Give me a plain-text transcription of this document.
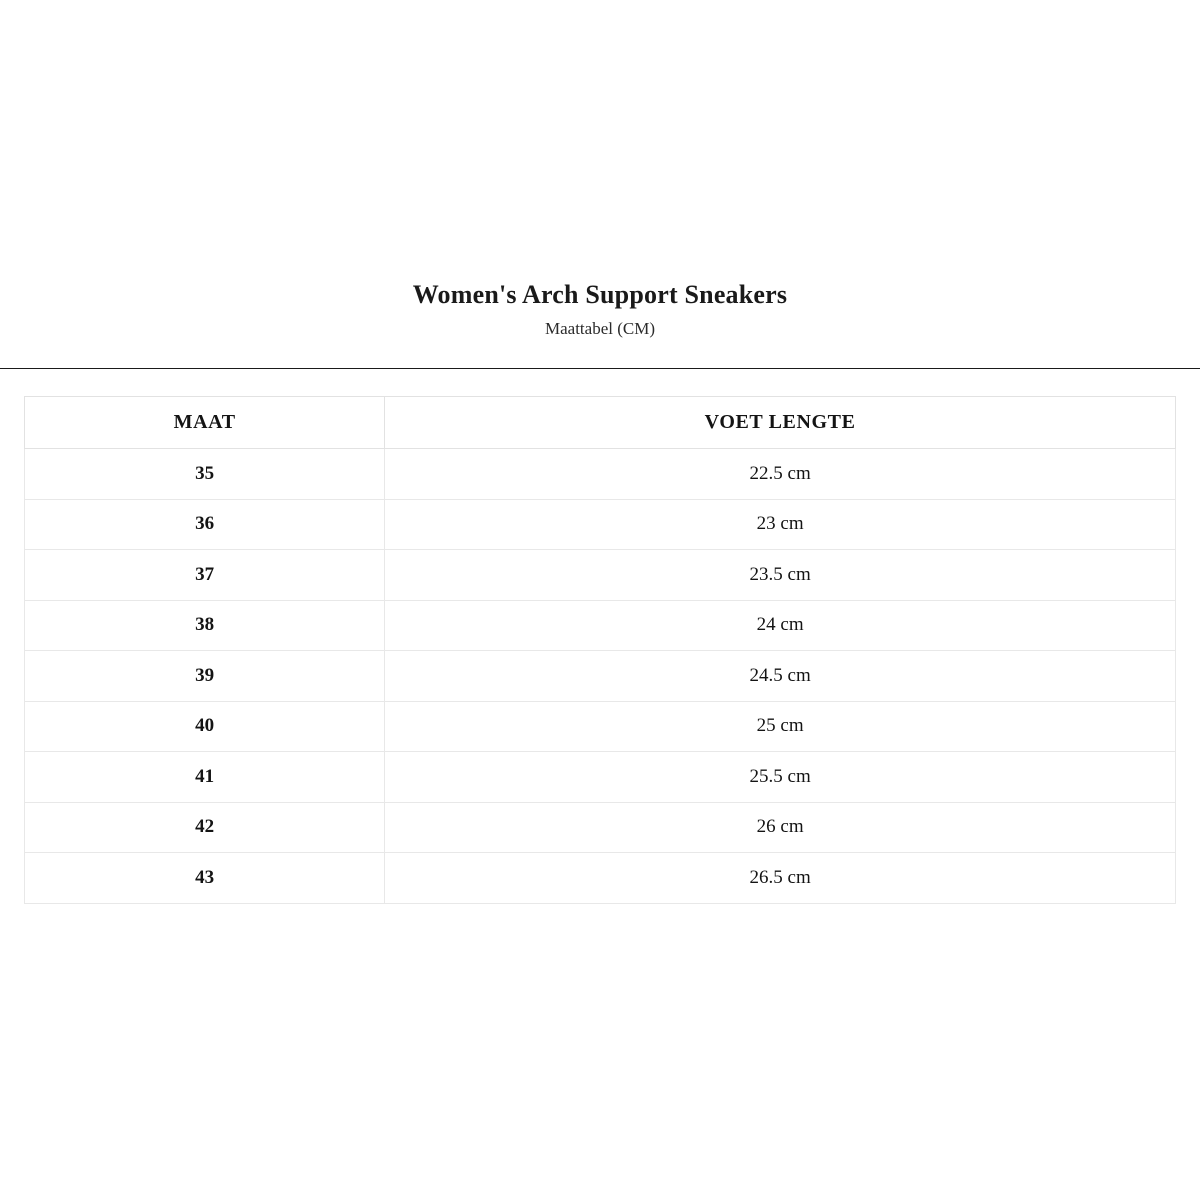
Women's Arch Support Sneakers

Maattabel (CM)

MAAT	VOET LENGTE
35	22.5 cm
36	23 cm
37	23.5 cm
38	24 cm
39	24.5 cm
40	25 cm
41	25.5 cm
42	26 cm
43	26.5 cm
